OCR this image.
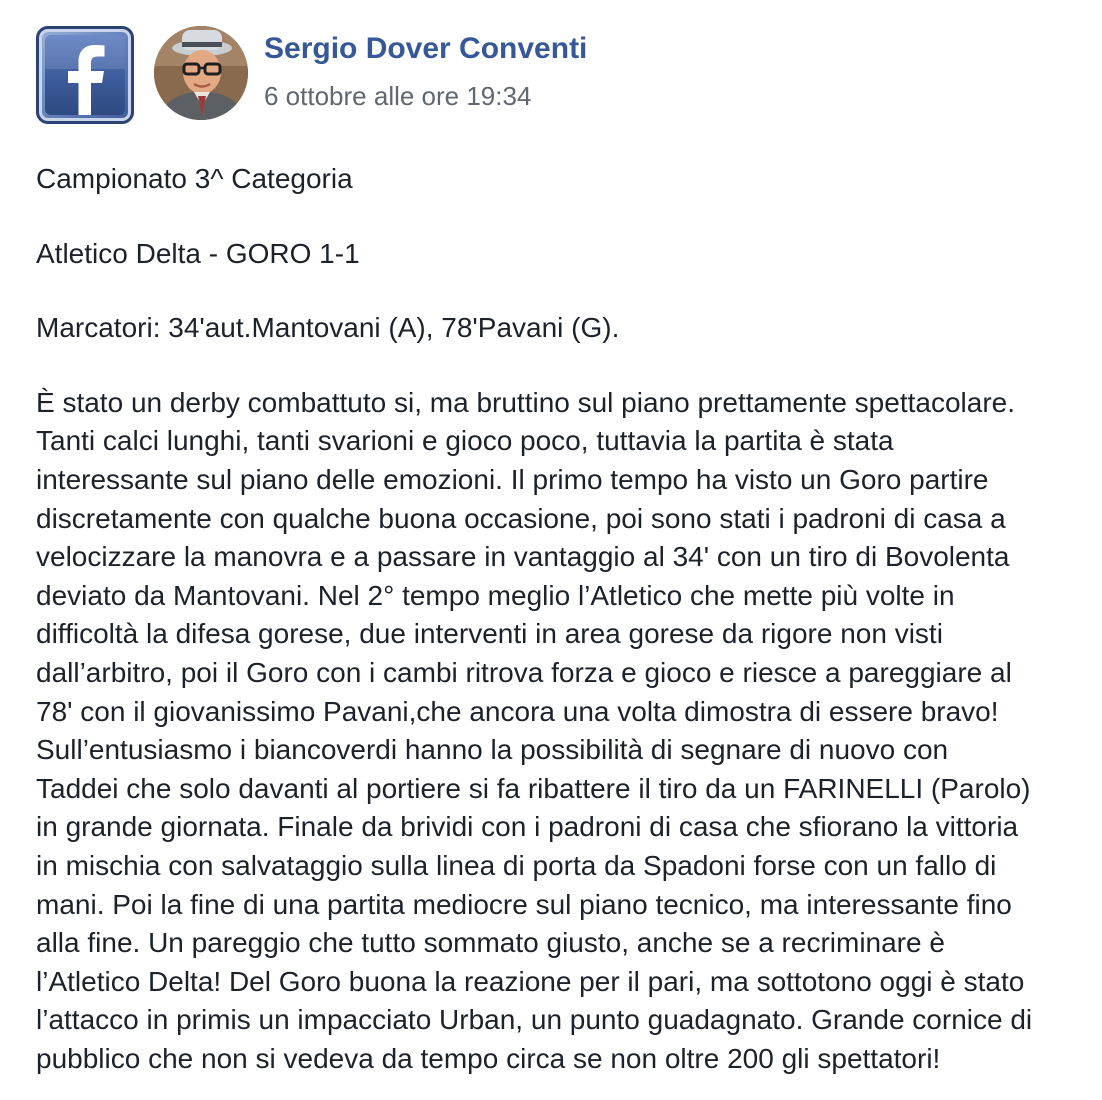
Sergio Dover Conventi
6 ottobre alle ore 19:34

Campionato 3^ Categoria

Atletico Delta - GORO 1-1

Marcatori: 34'aut.Mantovani (A), 78'Pavani (G).

È stato un derby combattuto si, ma bruttino sul piano prettamente spettacolare.
Tanti calci lunghi, tanti svarioni e gioco poco, tuttavia la partita è stata
interessante sul piano delle emozioni. Il primo tempo ha visto un Goro partire
discretamente con qualche buona occasione, poi sono stati i padroni di casa a
velocizzare la manovra e a passare in vantaggio al 34' con un tiro di Bovolenta
deviato da Mantovani. Nel 2° tempo meglio l’Atletico che mette più volte in
difficoltà la difesa gorese, due interventi in area gorese da rigore non visti
dall’arbitro, poi il Goro con i cambi ritrova forza e gioco e riesce a pareggiare al
78' con il giovanissimo Pavani,che ancora una volta dimostra di essere bravo!
Sull’entusiasmo i biancoverdi hanno la possibilità di segnare di nuovo con
Taddei che solo davanti al portiere si fa ribattere il tiro da un FARINELLI (Parolo)
in grande giornata. Finale da brividi con i padroni di casa che sfiorano la vittoria
in mischia con salvataggio sulla linea di porta da Spadoni forse con un fallo di
mani. Poi la fine di una partita mediocre sul piano tecnico, ma interessante fino
alla fine. Un pareggio che tutto sommato giusto, anche se a recriminare è
l’Atletico Delta! Del Goro buona la reazione per il pari, ma sottotono oggi è stato
l’attacco in primis un impacciato Urban, un punto guadagnato. Grande cornice di
pubblico che non si vedeva da tempo circa se non oltre 200 gli spettatori!
